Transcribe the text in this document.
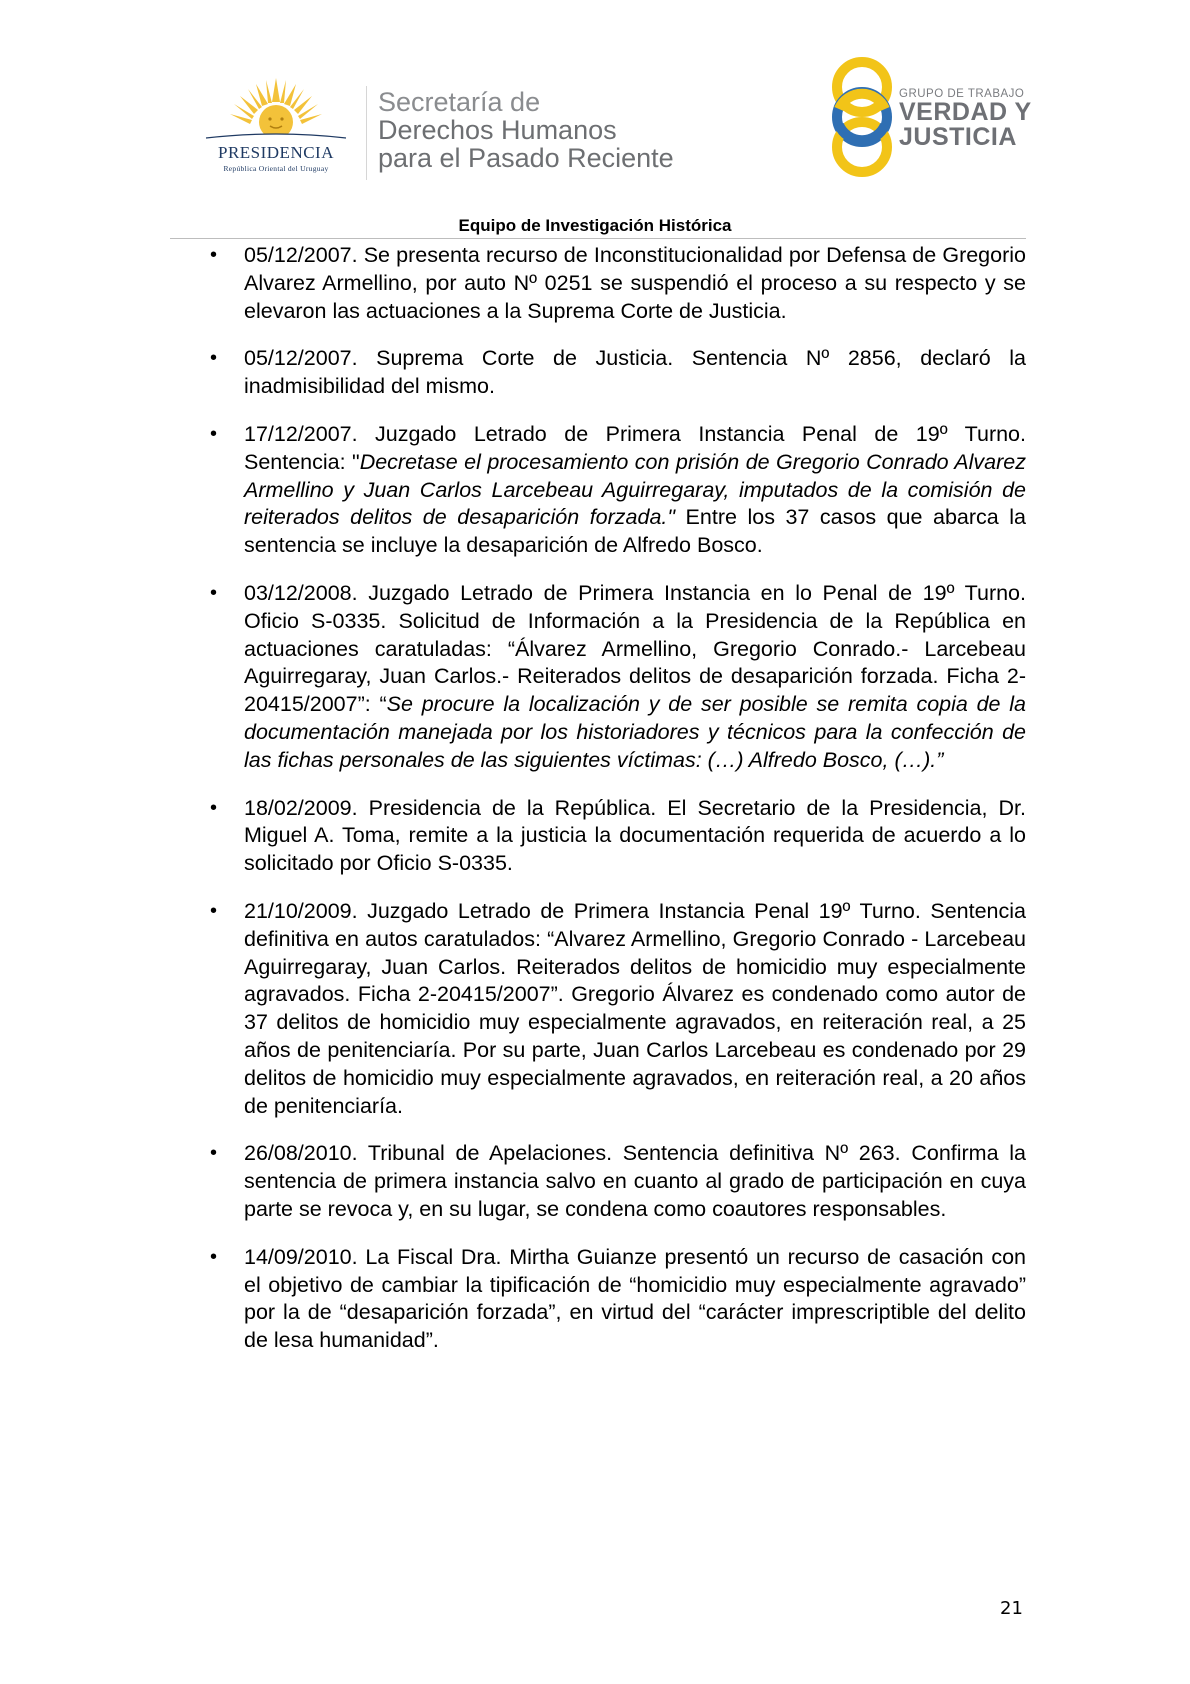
PRESIDENCIA
República Oriental del Uruguay
Secretaría de
Derechos Humanos
para el Pasado Reciente
GRUPO DE TRABAJO
VERDAD Y
JUSTICIA
Equipo de Investigación Histórica
• 05/12/2007. Se presenta recurso de Inconstitucionalidad por Defensa de Gregorio Alvarez Armellino, por auto Nº 0251 se suspendió el proceso a su respecto y se elevaron las actuaciones a la Suprema Corte de Justicia.
• 05/12/2007. Suprema Corte de Justicia. Sentencia Nº 2856, declaró la inadmisibilidad del mismo.
• 17/12/2007. Juzgado Letrado de Primera Instancia Penal de 19º Turno. Sentencia: "Decretase el procesamiento con prisión de Gregorio Conrado Alvarez Armellino y Juan Carlos Larcebeau Aguirregaray, imputados de la comisión de reiterados delitos de desaparición forzada." Entre los 37 casos que abarca la sentencia se incluye la desaparición de Alfredo Bosco.
• 03/12/2008. Juzgado Letrado de Primera Instancia en lo Penal de 19º Turno. Oficio S-0335. Solicitud de Información a la Presidencia de la República en actuaciones caratuladas: “Álvarez Armellino, Gregorio Conrado.- Larcebeau Aguirregaray, Juan Carlos.- Reiterados delitos de desaparición forzada. Ficha 2-20415/2007”: “Se procure la localización y de ser posible se remita copia de la documentación manejada por los historiadores y técnicos para la confección de las fichas personales de las siguientes víctimas: (…) Alfredo Bosco, (…).”
• 18/02/2009. Presidencia de la República. El Secretario de la Presidencia, Dr. Miguel A. Toma, remite a la justicia la documentación requerida de acuerdo a lo solicitado por Oficio S-0335.
• 21/10/2009. Juzgado Letrado de Primera Instancia Penal 19º Turno. Sentencia definitiva en autos caratulados: “Alvarez Armellino, Gregorio Conrado - Larcebeau Aguirregaray, Juan Carlos. Reiterados delitos de homicidio muy especialmente agravados. Ficha 2-20415/2007”. Gregorio Álvarez es condenado como autor de 37 delitos de homicidio muy especialmente agravados, en reiteración real, a 25 años de penitenciaría. Por su parte, Juan Carlos Larcebeau es condenado por 29 delitos de homicidio muy especialmente agravados, en reiteración real, a 20 años de penitenciaría.
• 26/08/2010. Tribunal de Apelaciones. Sentencia definitiva Nº 263. Confirma la sentencia de primera instancia salvo en cuanto al grado de participación en cuya parte se revoca y, en su lugar, se condena como coautores responsables.
• 14/09/2010. La Fiscal Dra. Mirtha Guianze presentó un recurso de casación con el objetivo de cambiar la tipificación de “homicidio muy especialmente agravado” por la de “desaparición forzada”, en virtud del “carácter imprescriptible del delito de lesa humanidad”.
21
